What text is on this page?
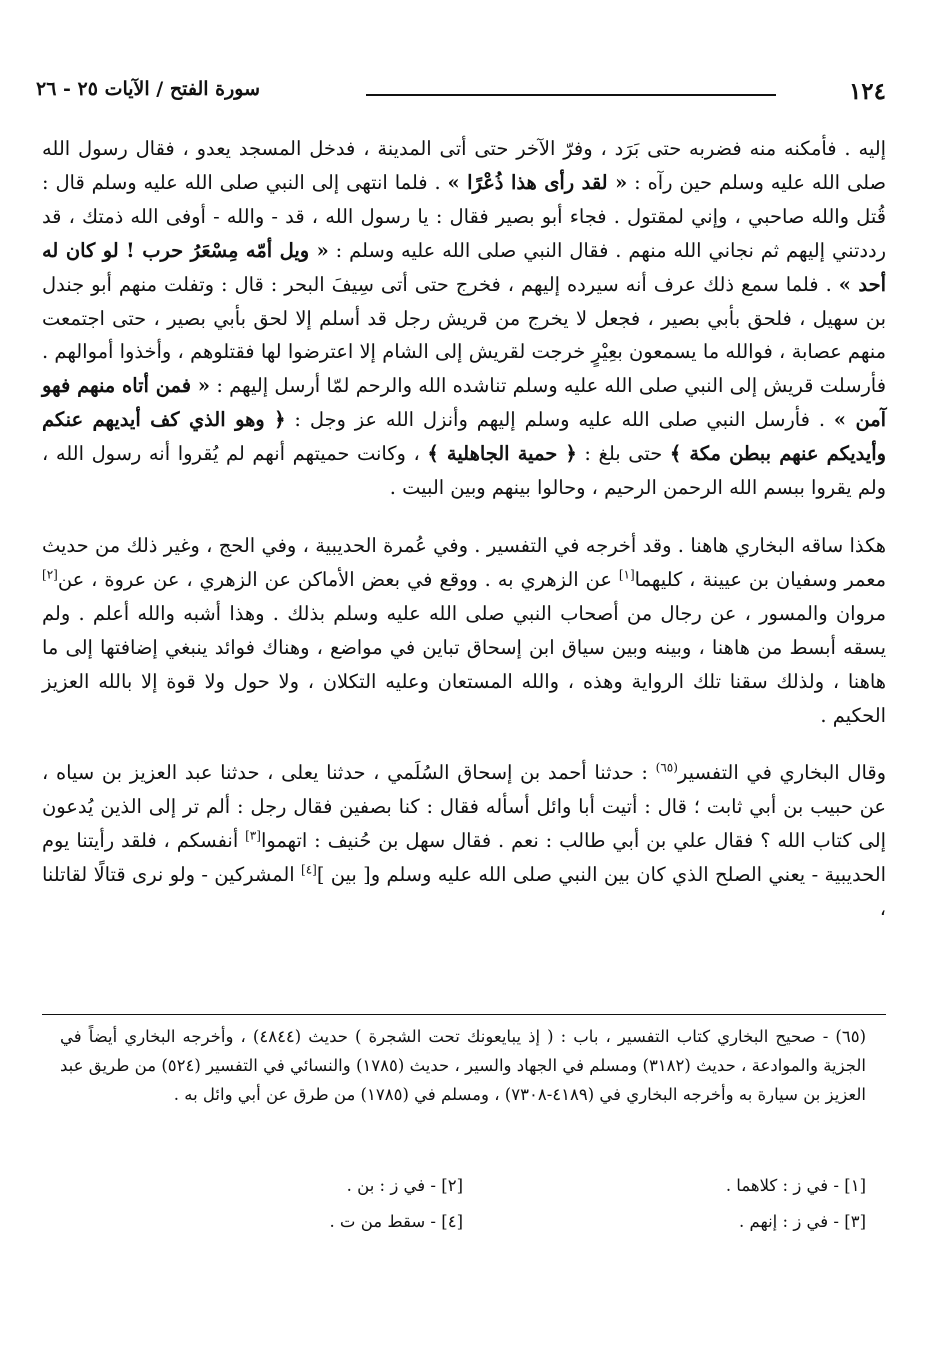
١٢٤
سورة الفتح / الآيات ٢٥ - ٢٦

إليه . فأمكنه منه فضربه حتى بَرَد ، وفرّ الآخر حتى أتى المدينة ، فدخل المسجد يعدو ، فقال رسول الله صلى الله عليه وسلم حين رآه : « لقد رأى هذا ذُعْرًا » . فلما انتهى إلى النبي صلى الله عليه وسلم قال : قُتل والله صاحبي ، وإني لمقتول . فجاء أبو بصير فقال : يا رسول الله ، قد - والله - أوفى الله ذمتك ، قد رددتني إليهم ثم نجاني الله منهم . فقال النبي صلى الله عليه وسلم : « ويل أمّه مِسْعَرُ حرب ! لو كان له أحد » . فلما سمع ذلك عرف أنه سيرده إليهم ، فخرج حتى أتى سِيفَ البحر : قال : وتفلت منهم أبو جندل بن سهيل ، فلحق بأبي بصير ، فجعل لا يخرج من قريش رجل قد أسلم إلا لحق بأبي بصير ، حتى اجتمعت منهم عصابة ، فوالله ما يسمعون بعِيْرٍ خرجت لقريش إلى الشام إلا اعترضوا لها فقتلوهم ، وأخذوا أموالهم . فأرسلت قريش إلى النبي صلى الله عليه وسلم تناشده الله والرحم لمّا أرسل إليهم : « فمن أتاه منهم فهو آمن » . فأرسل النبي صلى الله عليه وسلم إليهم وأنزل الله عز وجل : ﴿ وهو الذي كف أيديهم عنكم وأيديكم عنهم ببطن مكة ﴾ حتى بلغ : ﴿ حمية الجاهلية ﴾ ، وكانت حميتهم أنهم لم يُقروا أنه رسول الله ، ولم يقروا ببسم الله الرحمن الرحيم ، وحالوا بينهم وبين البيت .

هكذا ساقه البخاري هاهنا . وقد أخرجه في التفسير . وفي عُمرة الحديبية ، وفي الحج ، وغير ذلك من حديث معمر وسفيان بن عيينة ، كليهما[١] عن الزهري به . ووقع في بعض الأماكن عن الزهري ، عن عروة ، عن[٢] مروان والمسور ، عن رجال من أصحاب النبي صلى الله عليه وسلم بذلك . وهذا أشبه والله أعلم . ولم يسقه أبسط من هاهنا ، وبينه وبين سياق ابن إسحاق تباين في مواضع ، وهناك فوائد ينبغي إضافتها إلى ما هاهنا ، ولذلك سقنا تلك الرواية وهذه ، والله المستعان وعليه التكلان ، ولا حول ولا قوة إلا بالله العزيز الحكيم .

وقال البخاري في التفسير$^{(٦٥)}$ : حدثنا أحمد بن إسحاق السُلَمي ، حدثنا يعلى ، حدثنا عبد العزيز بن سياه ، عن حبيب بن أبي ثابت ؛ قال : أتيت أبا وائل أسأله فقال : كنا بصفين فقال رجل : ألم تر إلى الذين يُدعون إلى كتاب الله ؟ فقال علي بن أبي طالب : نعم . فقال سهل بن حُنيف : اتهموا[٣] أنفسكم ، فلقد رأيتنا يوم الحديبية - يعني الصلح الذي كان بين النبي صلى الله عليه وسلم و[ بين ][٤] المشركين - ولو نرى قتالًا لقاتلنا ،

(٦٥) - صحيح البخاري كتاب التفسير ، باب : ( إذ يبايعونك تحت الشجرة ) حديث (٤٨٤٤) ، وأخرجه البخاري أيضاً في الجزية والموادعة ، حديث (٣١٨٢) ومسلم في الجهاد والسير ، حديث (١٧٨٥) والنسائي في التفسير (٥٢٤) من طريق عبد العزيز بن سيارة به وأخرجه البخاري في (٤١٨٩-٧٣٠٨) ، ومسلم في (١٧٨٥) من طرق عن أبي وائل به .

[١] - في ز : كلاهما .
[٣] - في ز : إنهم .
[٢] - في ز : بن .
[٤] - سقط من ت .
